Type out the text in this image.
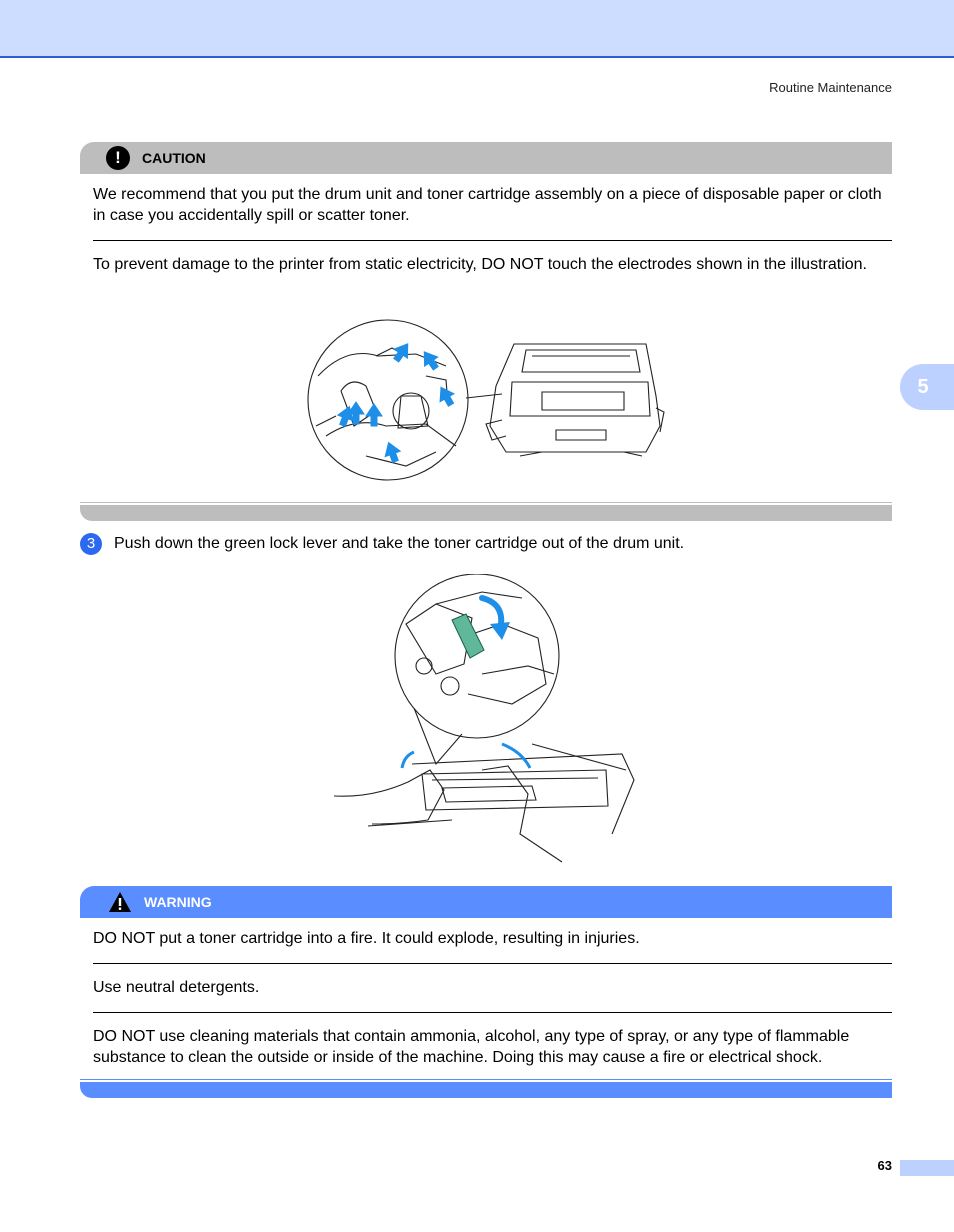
Routine Maintenance
5
!	CAUTION
We recommend that you put the drum unit and toner cartridge assembly on a piece of disposable paper or cloth in case you accidentally spill or scatter toner.
To prevent damage to the printer from static electricity, DO NOT touch the electrodes shown in the illustration.
3	Push down the green lock lever and take the toner cartridge out of the drum unit.
WARNING
DO NOT put a toner cartridge into a fire. It could explode, resulting in injuries.
Use neutral detergents.
DO NOT use cleaning materials that contain ammonia, alcohol, any type of spray, or any type of flammable substance to clean the outside or inside of the machine. Doing this may cause a fire or electrical shock.
63
